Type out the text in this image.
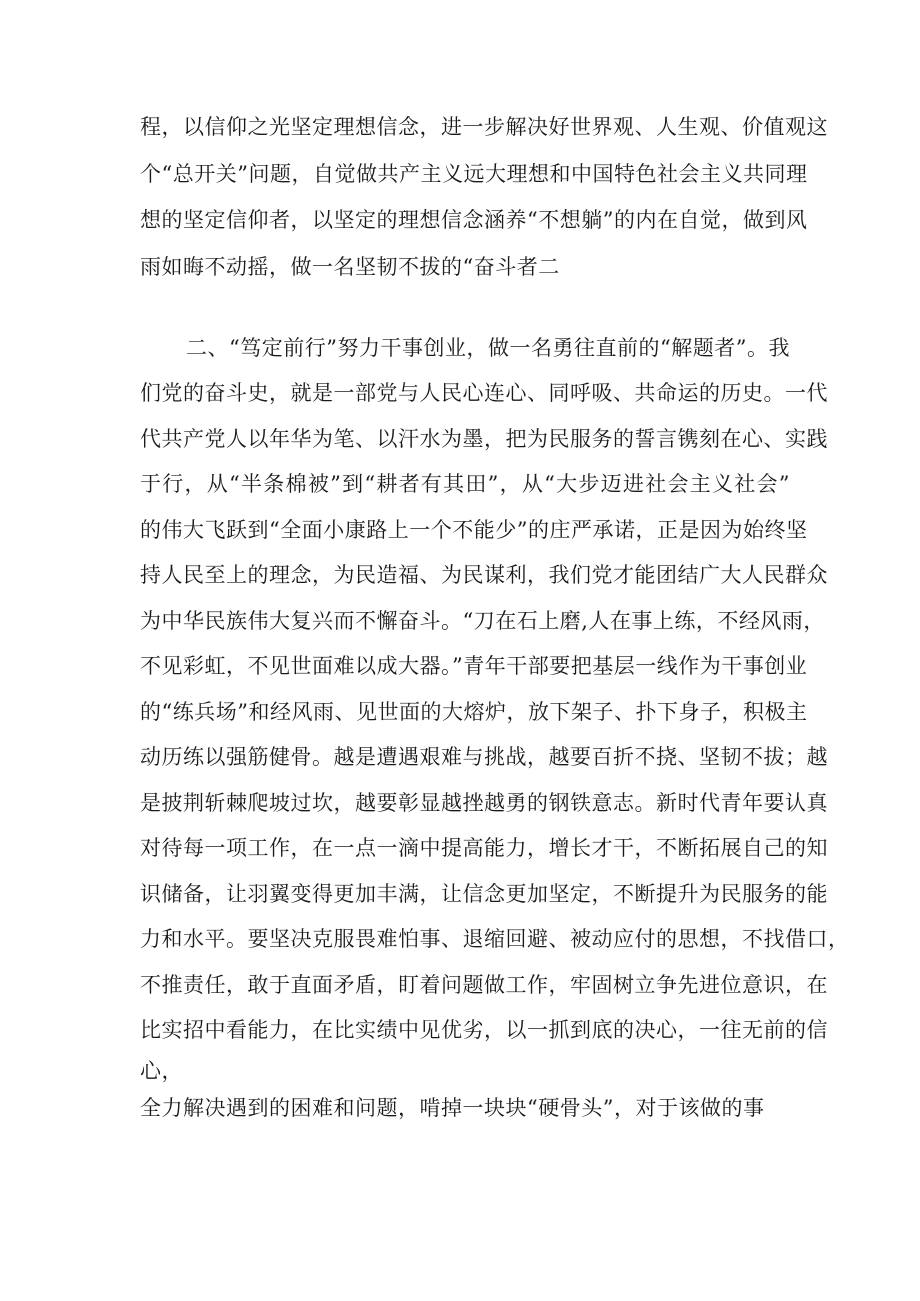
程，以信仰之光坚定理想信念，进一步解决好世界观、人生观、价值观这
个“总开关”问题，自觉做共产主义远大理想和中国特色社会主义共同理
想的坚定信仰者，以坚定的理想信念涵养“不想躺”的内在自觉，做到风
雨如晦不动摇，做一名坚韧不拔的“奋斗者二
二、“笃定前行”努力干事创业，做一名勇往直前的“解题者”。我
们党的奋斗史，就是一部党与人民心连心、同呼吸、共命运的历史。一代
代共产党人以年华为笔、以汗水为墨，把为民服务的誓言镌刻在心、实践
于行，从“半条棉被”到“耕者有其田”，从“大步迈进社会主义社会”
的伟大飞跃到“全面小康路上一个不能少”的庄严承诺，正是因为始终坚
持人民至上的理念，为民造福、为民谋利，我们党才能团结广大人民群众
为中华民族伟大复兴而不懈奋斗。“刀在石上磨,人在事上练，不经风雨，
不见彩虹，不见世面难以成大器。”青年干部要把基层一线作为干事创业
的“练兵场”和经风雨、见世面的大熔炉，放下架子、扑下身子，积极主
动历练以强筋健骨。越是遭遇艰难与挑战，越要百折不挠、坚韧不拔；越
是披荆斩棘爬坡过坎，越要彰显越挫越勇的钢铁意志。新时代青年要认真
对待每一项工作，在一点一滴中提高能力，增长才干，不断拓展自己的知
识储备，让羽翼变得更加丰满，让信念更加坚定，不断提升为民服务的能
力和水平。要坚决克服畏难怕事、退缩回避、被动应付的思想，不找借口，
不推责任，敢于直面矛盾，盯着问题做工作，牢固树立争先进位意识，在
比实招中看能力，在比实绩中见优劣，以一抓到底的决心，一往无前的信
心，
全力解决遇到的困难和问题，啃掉一块块“硬骨头”，对于该做的事
